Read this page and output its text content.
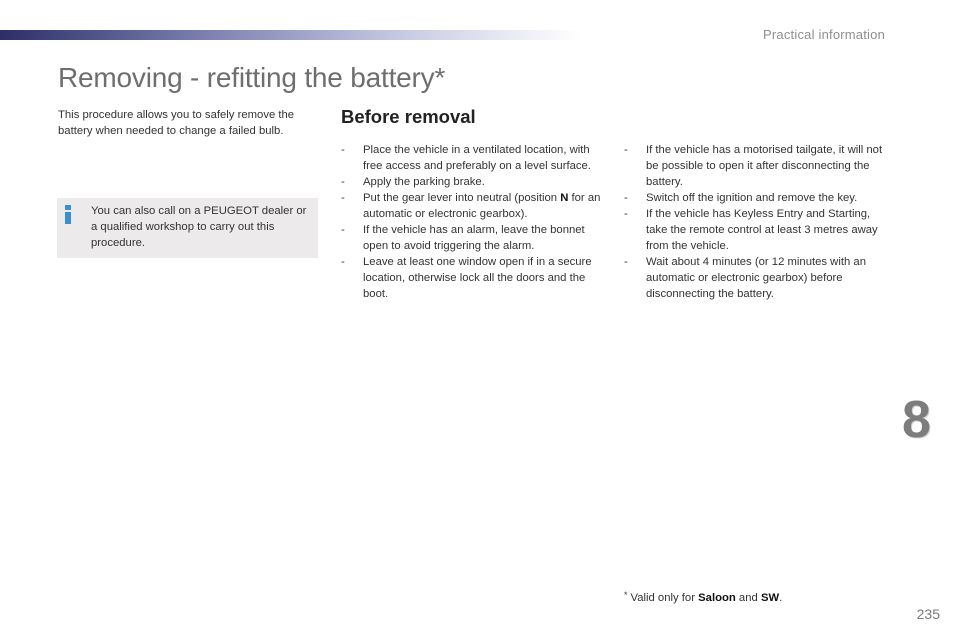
Practical information
Removing - refitting the battery*

This procedure allows you to safely remove the battery when needed to change a failed bulb.

You can also call on a PEUGEOT dealer or a qualified workshop to carry out this procedure.

Before removal
- Place the vehicle in a ventilated location, with free access and preferably on a level surface.
- Apply the parking brake.
- Put the gear lever into neutral (position N for an automatic or electronic gearbox).
- If the vehicle has an alarm, leave the bonnet open to avoid triggering the alarm.
- Leave at least one window open if in a secure location, otherwise lock all the doors and the boot.
- If the vehicle has a motorised tailgate, it will not be possible to open it after disconnecting the battery.
- Switch off the ignition and remove the key.
- If the vehicle has Keyless Entry and Starting, take the remote control at least 3 metres away from the vehicle.
- Wait about 4 minutes (or 12 minutes with an automatic or electronic gearbox) before disconnecting the battery.

* Valid only for Saloon and SW.

8
235
